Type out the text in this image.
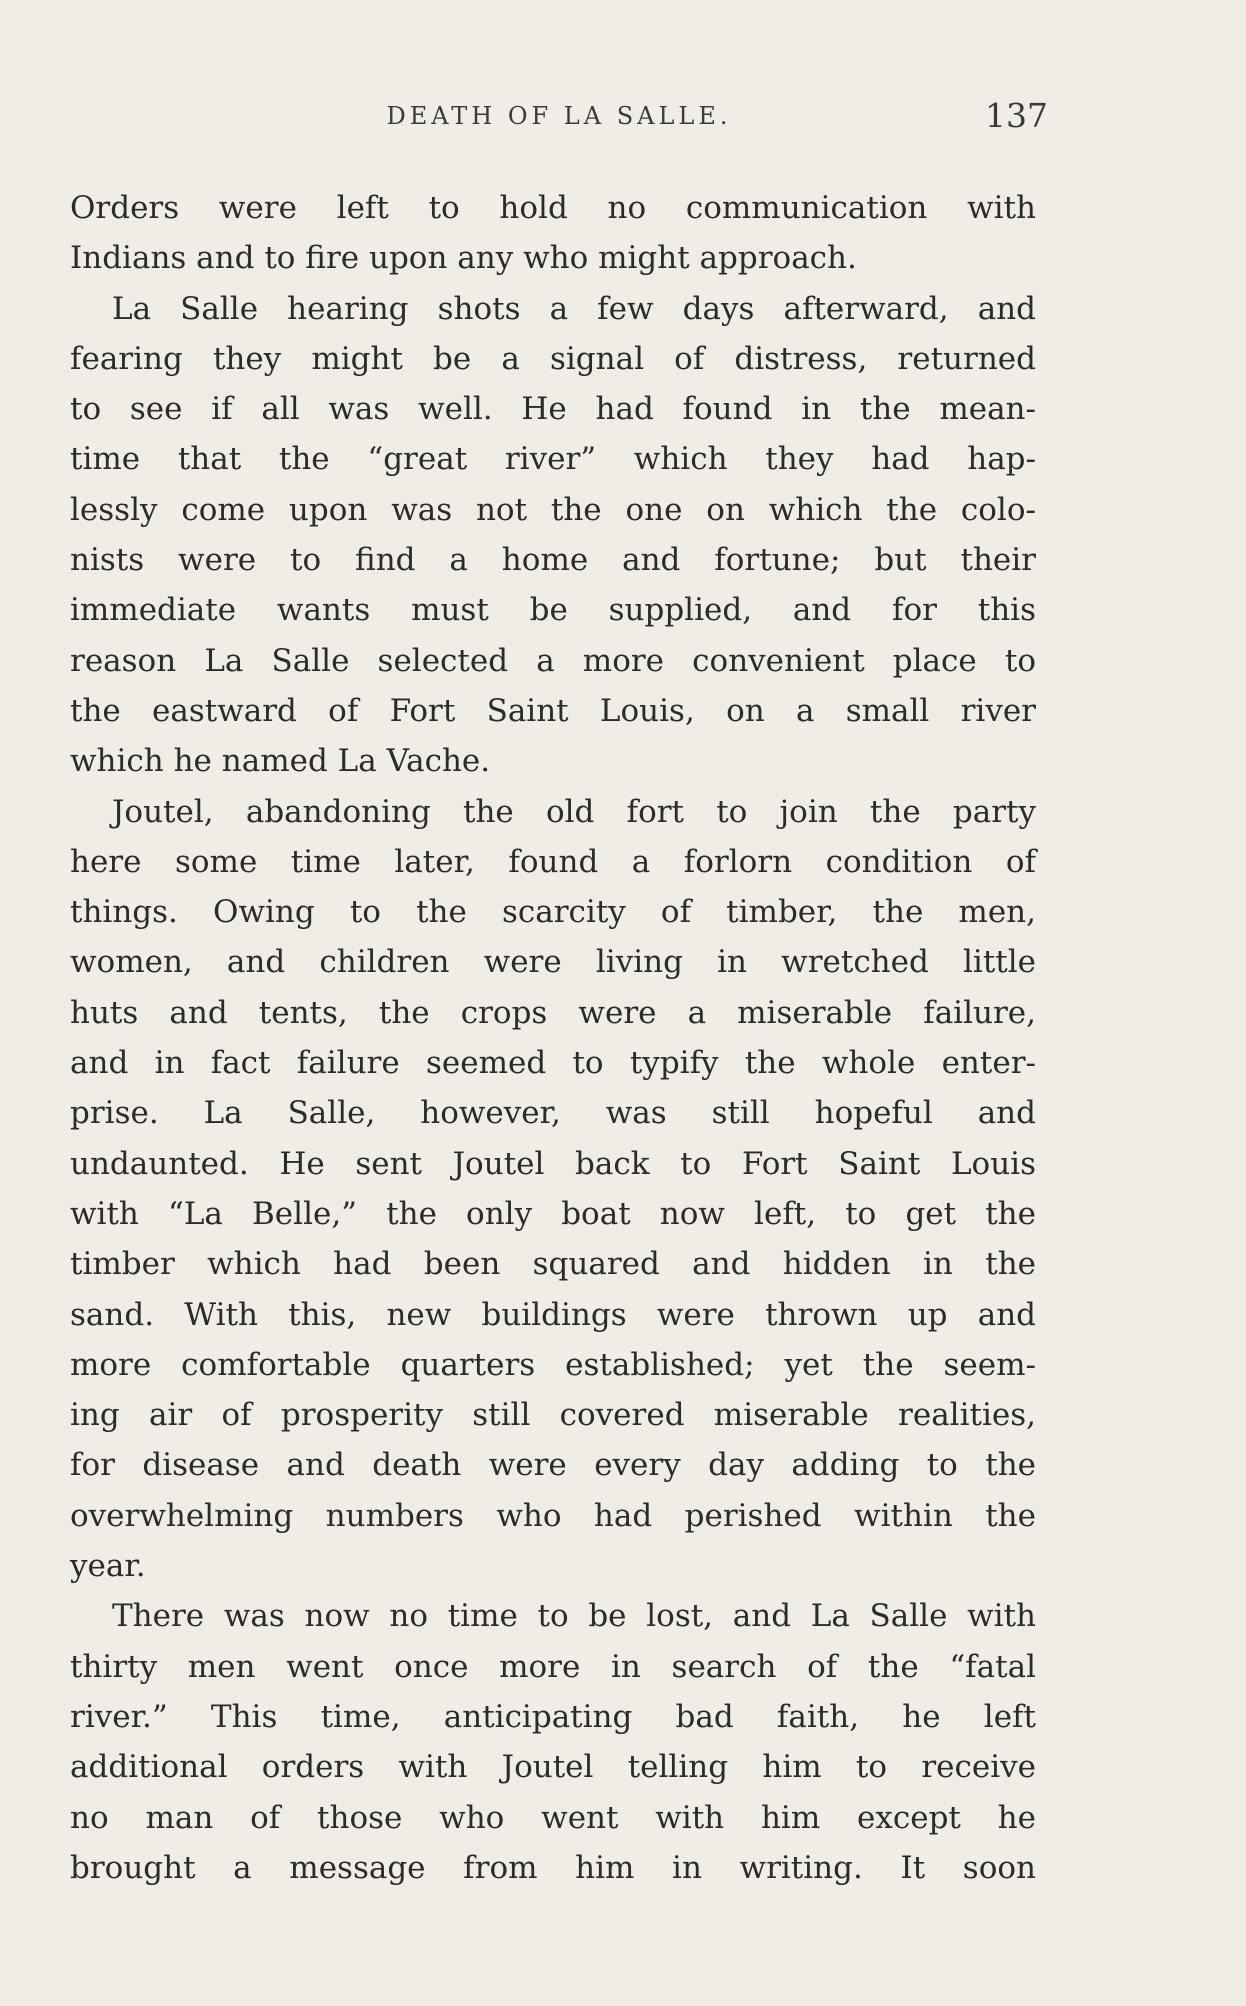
DEATH OF LA SALLE.	137
Orders were left to hold no communication with
Indians and to fire upon any who might approach.
La Salle hearing shots a few days afterward, and
fearing they might be a signal of distress, returned
to see if all was well. He had found in the mean-
time that the “great river” which they had hap-
lessly come upon was not the one on which the colo-
nists were to find a home and fortune; but their
immediate wants must be supplied, and for this
reason La Salle selected a more convenient place to
the eastward of Fort Saint Louis, on a small river
which he named La Vache.
Joutel, abandoning the old fort to join the party
here some time later, found a forlorn condition of
things. Owing to the scarcity of timber, the men,
women, and children were living in wretched little
huts and tents, the crops were a miserable failure,
and in fact failure seemed to typify the whole enter-
prise. La Salle, however, was still hopeful and
undaunted. He sent Joutel back to Fort Saint Louis
with “La Belle,” the only boat now left, to get the
timber which had been squared and hidden in the
sand. With this, new buildings were thrown up and
more comfortable quarters established; yet the seem-
ing air of prosperity still covered miserable realities,
for disease and death were every day adding to the
overwhelming numbers who had perished within the
year.
There was now no time to be lost, and La Salle with
thirty men went once more in search of the “fatal
river.” This time, anticipating bad faith, he left
additional orders with Joutel telling him to receive
no man of those who went with him except he
brought a message from him in writing. It soon
